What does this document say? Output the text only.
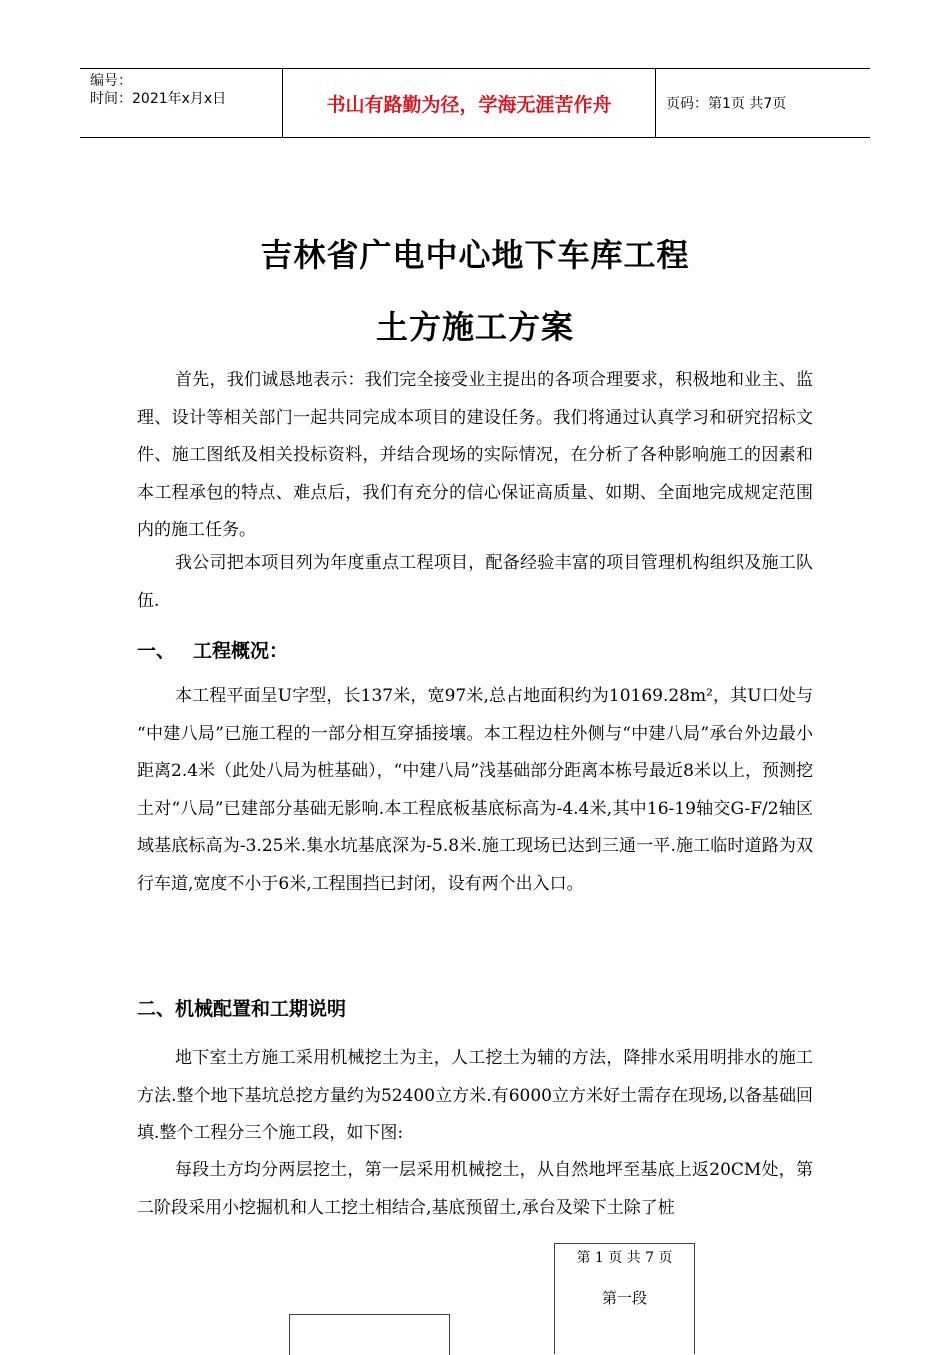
编号：
时间：2021年x月x日	书山有路勤为径，学海无涯苦作舟	页码：第1页 共7页
吉林省广电中心地下车库工程
土方施工方案

首先，我们诚恳地表示：我们完全接受业主提出的各项合理要求，积极地和业主、监理、设计等相关部门一起共同完成本项目的建设任务。我们将通过认真学习和研究招标文件、施工图纸及相关投标资料，并结合现场的实际情况，在分析了各种影响施工的因素和本工程承包的特点、难点后，我们有充分的信心保证高质量、如期、全面地完成规定范围内的施工任务。

我公司把本项目列为年度重点工程项目，配备经验丰富的项目管理机构组织及施工队伍.

一、 工程概况：

本工程平面呈U字型，长137米，宽97米,总占地面积约为10169.28m²，其U口处与 “中建八局”已施工程的一部分相互穿插接壤。本工程边柱外侧与“中建八局”承台外边最小距离2.4米（此处八局为桩基础），“中建八局”浅基础部分距离本栋号最近8米以上，预测挖土对“八局”已建部分基础无影响.本工程底板基底标高为-4.4米,其中16-19轴交G-F/2轴区域基底标高为-3.25米.集水坑基底深为-5.8米.施工现场已达到三通一平.施工临时道路为双行车道,宽度不小于6米,工程围挡已封闭，设有两个出入口。

二、机械配置和工期说明

地下室土方施工采用机械挖土为主，人工挖土为辅的方法，降排水采用明排水的施工方法.整个地下基坑总挖方量约为52400立方米.有6000立方米好土需存在现场,以备基础回填.整个工程分三个施工段，如下图:

每段土方均分两层挖土，第一层采用机械挖土，从自然地坪至基底上返20CM处，第二阶段采用小挖掘机和人工挖土相结合,基底预留土,承台及梁下土除了桩

第 1 页 共 7 页
第一段
